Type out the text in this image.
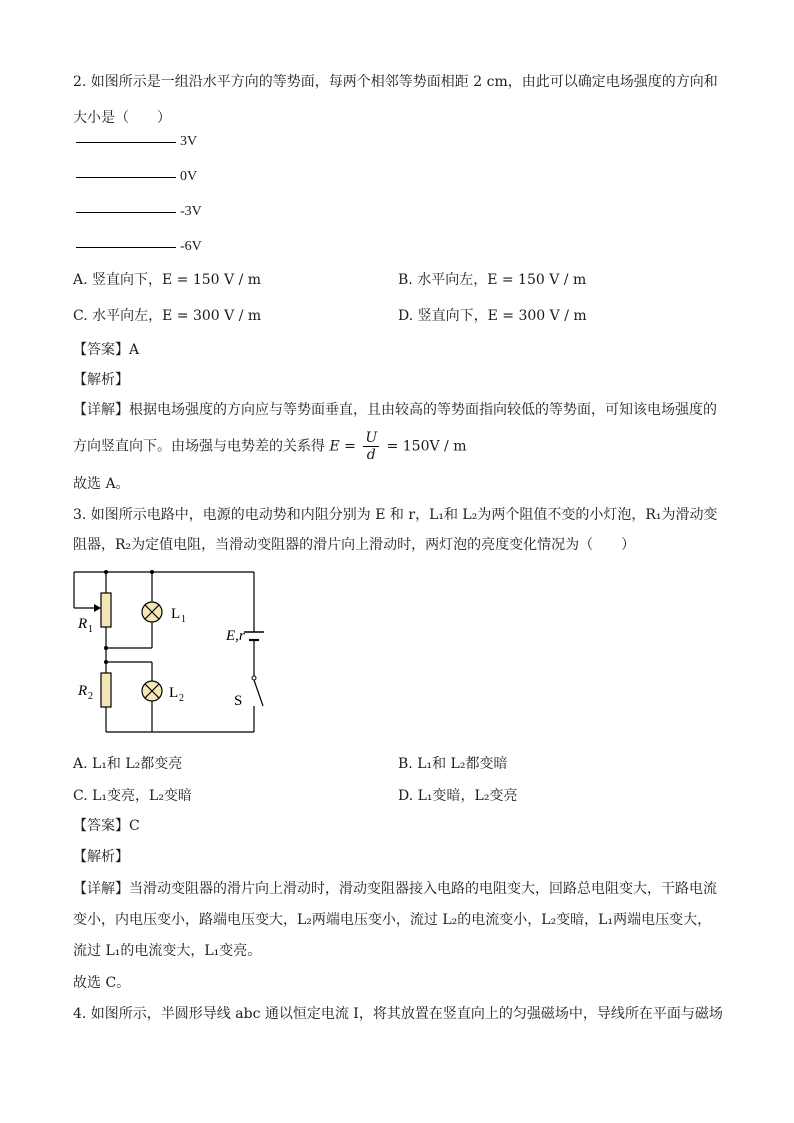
2. 如图所示是一组沿水平方向的等势面，每两个相邻等势面相距 2 cm，由此可以确定电场强度的方向和
大小是（　　）
3V
0V
-3V
-6V
A. 竖直向下，E = 150 V / m	B. 水平向左，E = 150 V / m
C. 水平向左，E = 300 V / m	D. 竖直向下，E = 300 V / m
【答案】A
【解析】
【详解】根据电场强度的方向应与等势面垂直，且由较高的等势面指向较低的等势面，可知该电场强度的
方向竖直向下。由场强与电势差的关系得 $E = \frac{U}{d} = 150V / m$
故选 A。
3. 如图所示电路中，电源的电动势和内阻分别为 E 和 r，L₁和 L₂为两个阻值不变的小灯泡，R₁为滑动变
阻器，R₂为定值电阻，当滑动变阻器的滑片向上滑动时，两灯泡的亮度变化情况为（　　）
R 1
R 2
L 1
L 2
E,r
S
A. L₁和 L₂都变亮	B. L₁和 L₂都变暗
C. L₁变亮，L₂变暗	D. L₁变暗，L₂变亮
【答案】C
【解析】
【详解】当滑动变阻器的滑片向上滑动时，滑动变阻器接入电路的电阻变大，回路总电阻变大，干路电流
变小，内电压变小，路端电压变大，L₂两端电压变小，流过 L₂的电流变小，L₂变暗，L₁两端电压变大，
流过 L₁的电流变大，L₁变亮。
故选 C。
4. 如图所示，半圆形导线 abc 通以恒定电流 I，将其放置在竖直向上的匀强磁场中，导线所在平面与磁场
